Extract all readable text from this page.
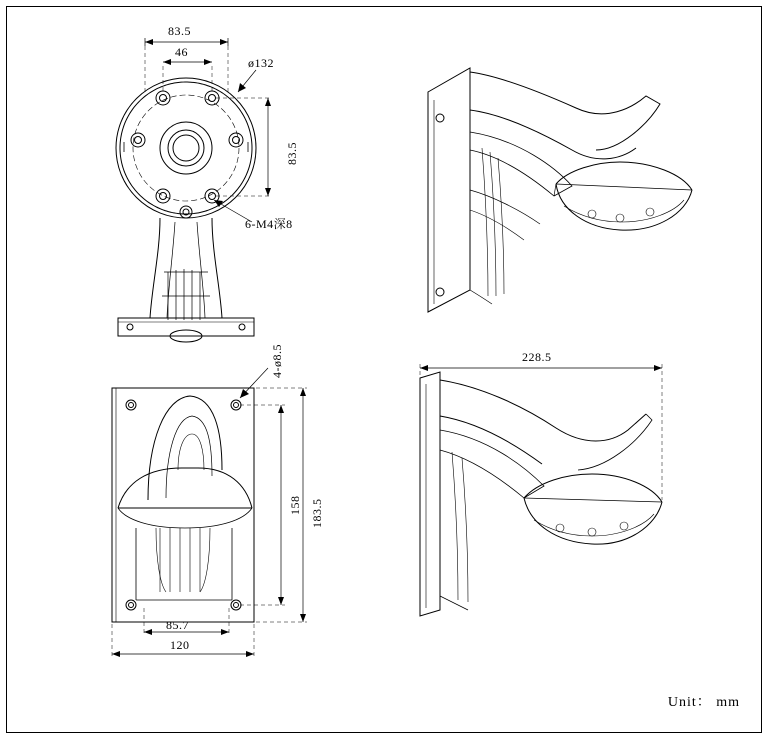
83.5
46
ø132
83.5
6-M4深8
4-ø8.5
158 183.5
85.7
120
228.5
Unit： mm
